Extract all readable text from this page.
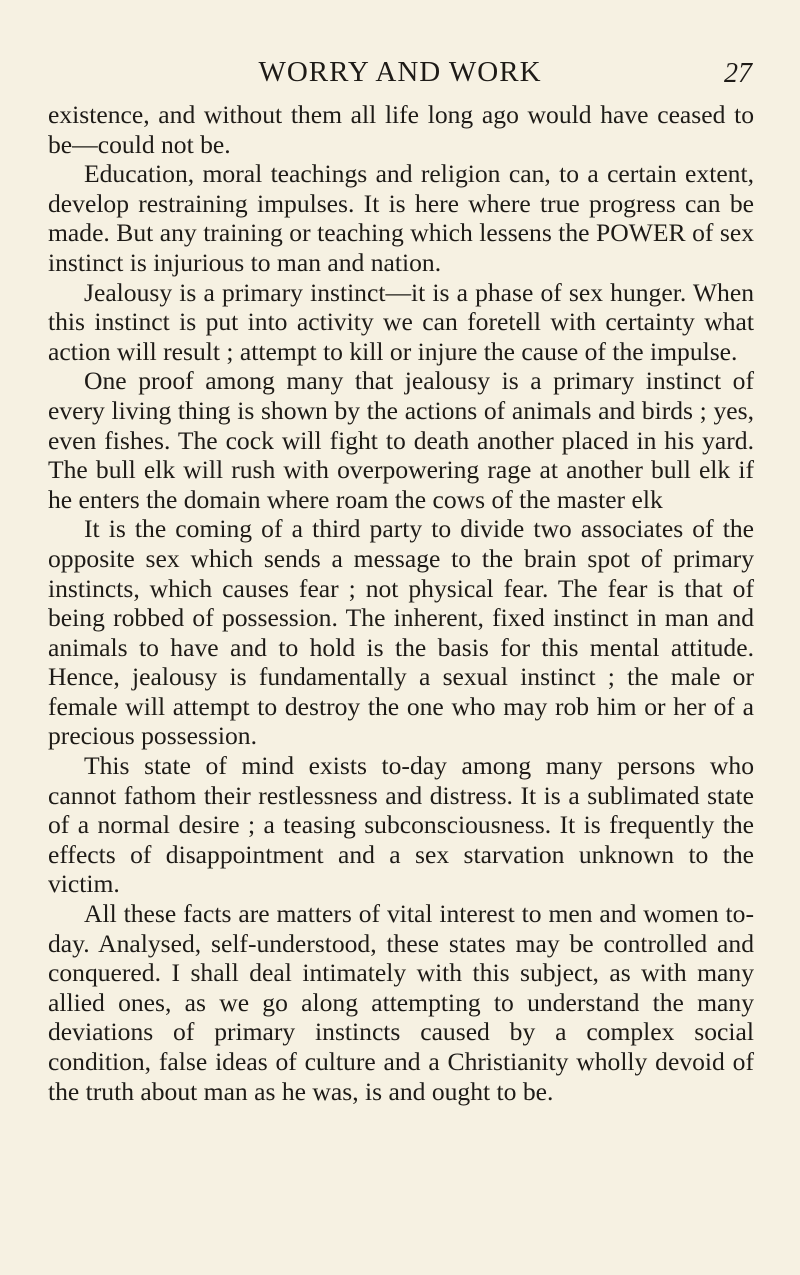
WORRY AND WORK	27

existence, and without them all life long ago would have ceased to be—could not be.

Education, moral teachings and religion can, to a certain extent, develop restraining impulses. It is here where true progress can be made. But any training or teaching which lessens the POWER of sex instinct is injurious to man and nation.

Jealousy is a primary instinct—it is a phase of sex hunger. When this instinct is put into activity we can foretell with certainty what action will result ; attempt to kill or injure the cause of the impulse.

One proof among many that jealousy is a primary instinct of every living thing is shown by the actions of animals and birds ; yes, even fishes. The cock will fight to death another placed in his yard. The bull elk will rush with overpowering rage at another bull elk if he enters the domain where roam the cows of the master elk

It is the coming of a third party to divide two associates of the opposite sex which sends a message to the brain spot of primary instincts, which causes fear ; not physical fear. The fear is that of being robbed of possession. The inherent, fixed instinct in man and animals to have and to hold is the basis for this mental attitude. Hence, jealousy is fundamentally a sexual instinct ; the male or female will attempt to destroy the one who may rob him or her of a precious possession.

This state of mind exists to-day among many persons who cannot fathom their restlessness and distress. It is a sublimated state of a normal desire ; a teasing subconsciousness. It is frequently the effects of disappointment and a sex starvation unknown to the victim.

All these facts are matters of vital interest to men and women to-day. Analysed, self-understood, these states may be controlled and conquered. I shall deal intimately with this subject, as with many allied ones, as we go along attempting to understand the many deviations of primary instincts caused by a complex social condition, false ideas of culture and a Christianity wholly devoid of the truth about man as he was, is and ought to be.
